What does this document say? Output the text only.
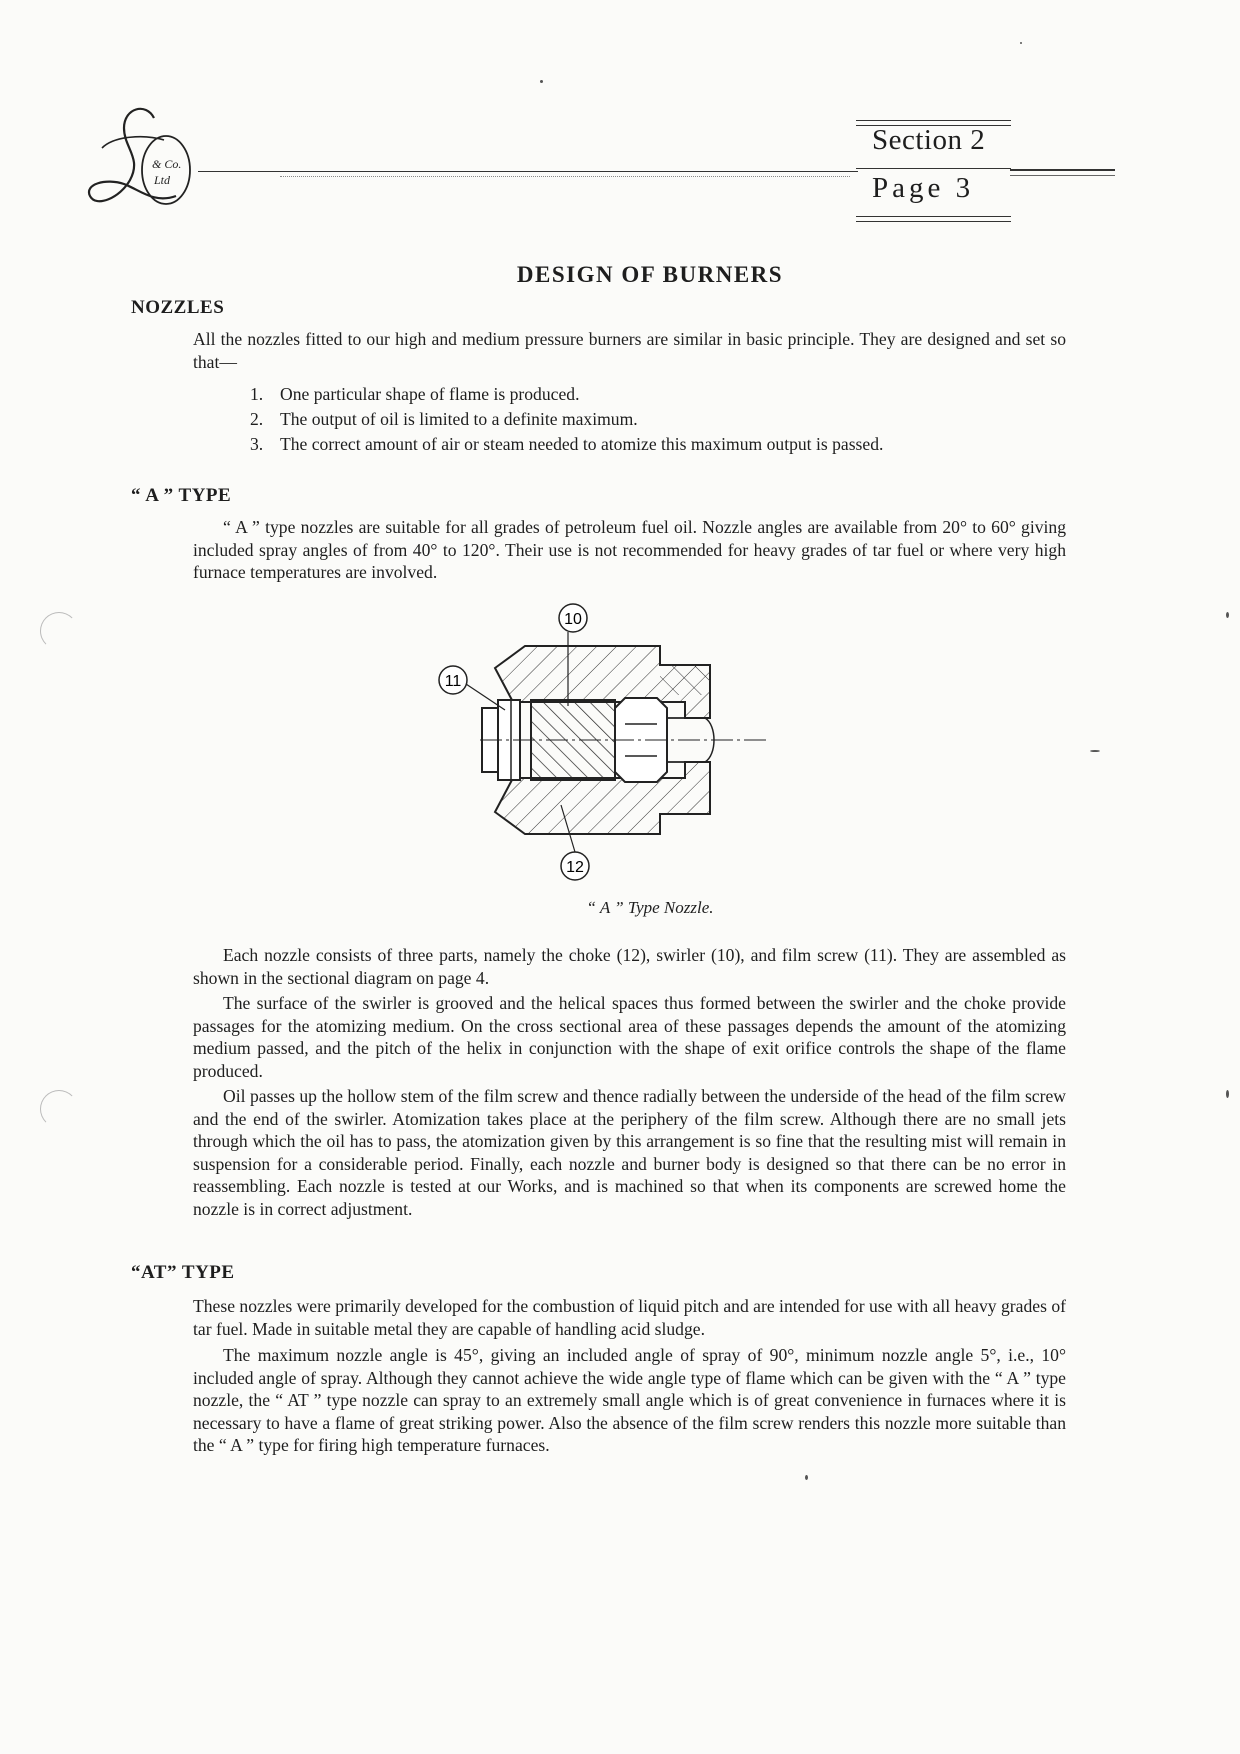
& Co.
Ltd
Section 2
Page 3
DESIGN OF BURNERS
NOZZLES
All the nozzles fitted to our high and medium pressure burners are similar in basic principle. They are designed and set so that—
1. One particular shape of flame is produced.
2. The output of oil is limited to a definite maximum.
3. The correct amount of air or steam needed to atomize this maximum output is passed.
“ A ” TYPE
“ A ” type nozzles are suitable for all grades of petroleum fuel oil. Nozzle angles are available from 20° to 60° giving included spray angles of from 40° to 120°. Their use is not recommended for heavy grades of tar fuel or where very high furnace temperatures are involved.
10
11
12
“ A ” Type Nozzle.
Each nozzle consists of three parts, namely the choke (12), swirler (10), and film screw (11). They are assembled as shown in the sectional diagram on page 4.
The surface of the swirler is grooved and the helical spaces thus formed between the swirler and the choke provide passages for the atomizing medium. On the cross sectional area of these passages depends the amount of the atomizing medium passed, and the pitch of the helix in conjunction with the shape of exit orifice controls the shape of the flame produced.
Oil passes up the hollow stem of the film screw and thence radially between the underside of the head of the film screw and the end of the swirler. Atomization takes place at the periphery of the film screw. Although there are no small jets through which the oil has to pass, the atomization given by this arrangement is so fine that the resulting mist will remain in suspension for a considerable period. Finally, each nozzle and burner body is designed so that there can be no error in reassembling. Each nozzle is tested at our Works, and is machined so that when its components are screwed home the nozzle is in correct adjustment.
“AT” TYPE
These nozzles were primarily developed for the combustion of liquid pitch and are intended for use with all heavy grades of tar fuel. Made in suitable metal they are capable of handling acid sludge.
The maximum nozzle angle is 45°, giving an included angle of spray of 90°, minimum nozzle angle 5°, i.e., 10° included angle of spray. Although they cannot achieve the wide angle type of flame which can be given with the “ A ” type nozzle, the “ AT ” type nozzle can spray to an extremely small angle which is of great convenience in furnaces where it is necessary to have a flame of great striking power. Also the absence of the film screw renders this nozzle more suitable than the “ A ” type for firing high temperature furnaces.
